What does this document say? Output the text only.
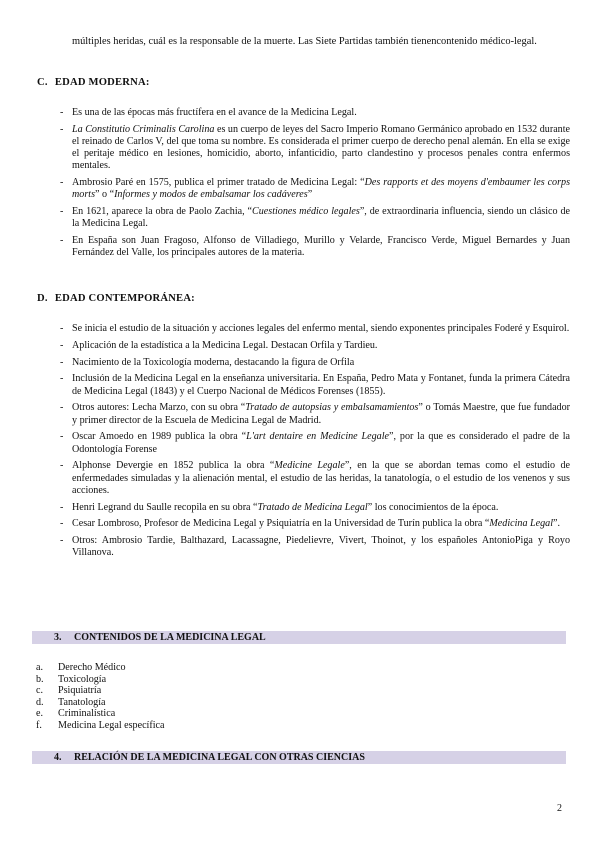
múltiples heridas, cuál es la responsable de la muerte. Las Siete Partidas también tienencontenido médico-legal.
C. EDAD MODERNA:
- Es una de las épocas más fructífera en el avance de la Medicina Legal.
- La Constitutio Criminalis Carolina es un cuerpo de leyes del Sacro Imperio Romano Germánico aprobado en 1532 durante el reinado de Carlos V, del que toma su nombre. Es considerada el primer cuerpo de derecho penal alemán. En ella se exige el peritaje médico en lesiones, homicidio, aborto, infanticidio, parto clandestino y procesos penales contra enfermos mentales.
- Ambrosio Paré en 1575, publica el primer tratado de Medicina Legal: “Des rapports et des moyens d'embaumer les corps morts” o “Informes y modos de embalsamar los cadáveres”
- En 1621, aparece la obra de Paolo Zachia, “Cuestiones médico legales”, de extraordinaria influencia, siendo un clásico de la Medicina Legal.
- En España son Juan Fragoso, Alfonso de Villadiego, Murillo y Velarde, Francisco Verde, Miguel Bernardes y Juan Fernández del Valle, los principales autores de la materia.
D. EDAD CONTEMPORÁNEA:
- Se inicia el estudio de la situación y acciones legales del enfermo mental, siendo exponentes principales Foderé y Esquirol.
- Aplicación de la estadística a la Medicina Legal. Destacan Orfila y Tardieu.
- Nacimiento de la Toxicología moderna, destacando la figura de Orfila
- Inclusión de la Medicina Legal en la enseñanza universitaria. En España, Pedro Mata y Fontanet, funda la primera Cátedra de Medicina Legal (1843) y el Cuerpo Nacional de Médicos Forenses (1855).
- Otros autores: Lecha Marzo, con su obra “Tratado de autopsias y embalsamamientos” o Tomás Maestre, que fue fundador y primer director de la Escuela de Medicina Legal de Madrid.
- Oscar Amoedo en 1989 publica la obra “L'art dentaire en Medicine Legale”, por la que es considerado el padre de la Odontología Forense
- Alphonse Devergie en 1852 publica la obra “Medicine Legale”, en la que se abordan temas como el estudio de enfermedades simuladas y la alienación mental, el estudio de las heridas, la tanatología, o el estudio de los venenos y sus acciones.
- Henri Legrand du Saulle recopila en su obra “Tratado de Medicina Legal” los conocimientos de la época.
- Cesar Lombroso, Profesor de Medicina Legal y Psiquiatría en la Universidad de Turín publica la obra “Medicina Legal”.
- Otros: Ambrosio Tardie, Balthazard, Lacassagne, Piedelievre, Vivert, Thoinot, y los españoles AntonioPiga y Royo Villanova.
3. CONTENIDOS DE LA MEDICINA LEGAL
a. Derecho Médico
b. Toxicología
c. Psiquiatría
d. Tanatología
e. Criminalística
f. Medicina Legal específica
4. RELACIÓN DE LA MEDICINA LEGAL CON OTRAS CIENCIAS
2
